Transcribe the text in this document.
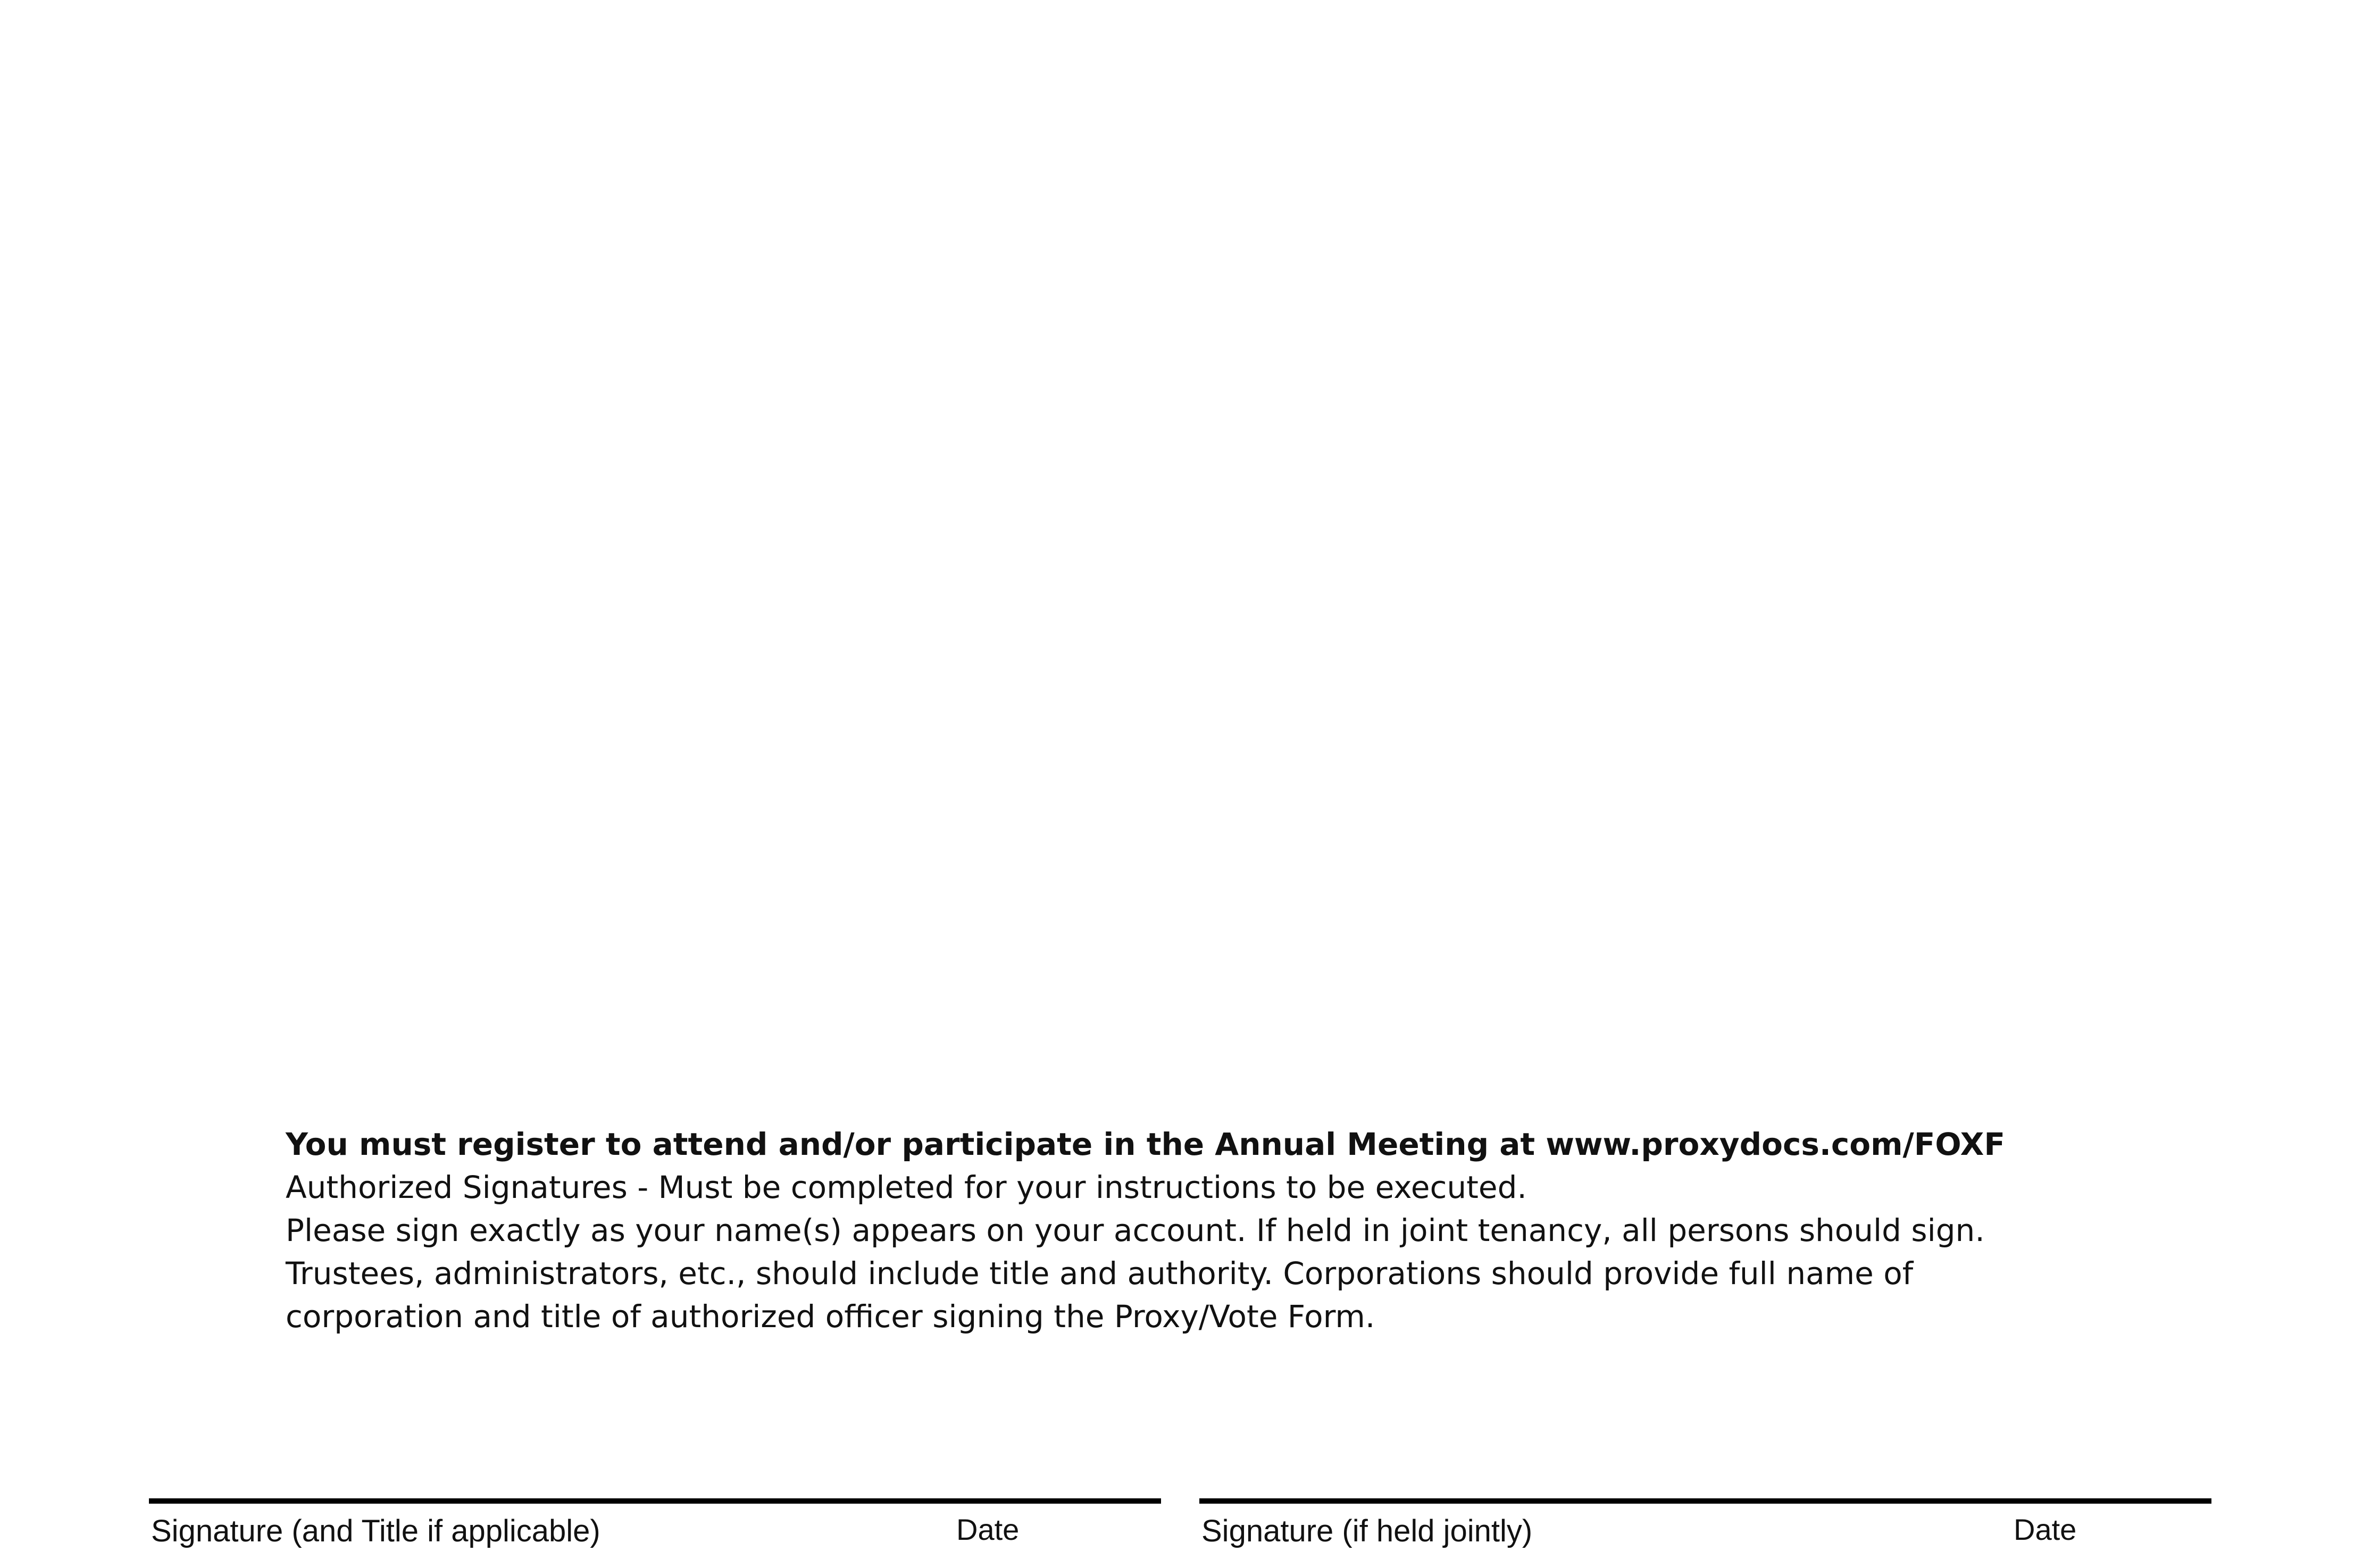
You must register to attend and/or participate in the Annual Meeting at www.proxydocs.com/FOXF

Authorized Signatures - Must be completed for your instructions to be executed.

Please sign exactly as your name(s) appears on your account. If held in joint tenancy, all persons should sign. Trustees, administrators, etc., should include title and authority. Corporations should provide full name of corporation and title of authorized officer signing the Proxy/Vote Form.

Signature (and Title if applicable)	Date	Signature (if held jointly)	Date
